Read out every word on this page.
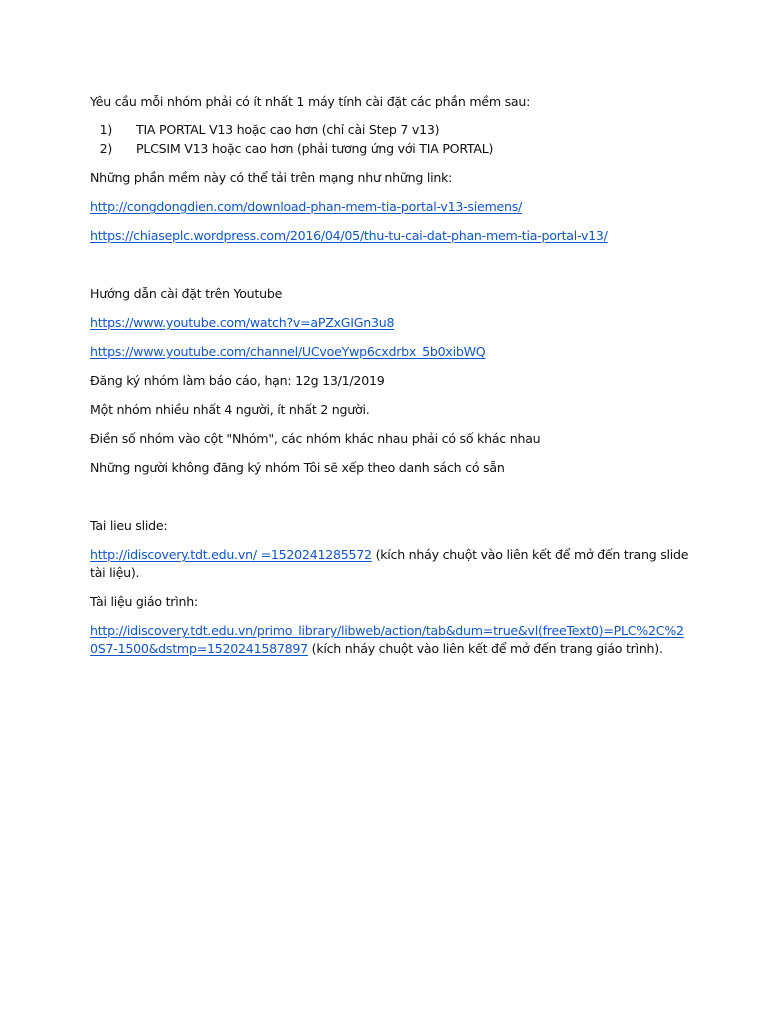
Yêu cầu mỗi nhóm phải có ít nhất 1 máy tính cài đặt các phần mềm sau:

1) TIA PORTAL V13 hoặc cao hơn (chỉ cài Step 7 v13)
2) PLCSIM V13 hoặc cao hơn (phải tương ứng với TIA PORTAL)

Những phần mềm này có thể tải trên mạng như những link:

http://congdongdien.com/download-phan-mem-tia-portal-v13-siemens/

https://chiaseplc.wordpress.com/2016/04/05/thu-tu-cai-dat-phan-mem-tia-portal-v13/

Hướng dẫn cài đặt trên Youtube

https://www.youtube.com/watch?v=aPZxGIGn3u8

https://www.youtube.com/channel/UCvoeYwp6cxdrbx_5b0xibWQ

Đăng ký nhóm làm báo cáo, hạn: 12g 13/1/2019

Một nhóm nhiều nhất 4 người, ít nhất 2 người.

Điền số nhóm vào cột "Nhóm", các nhóm khác nhau phải có số khác nhau

Những người không đăng ký nhóm Tôi sẽ xếp theo danh sách có sẵn

Tai lieu slide:

http://idiscovery.tdt.edu.vn/ =1520241285572 (kích nháy chuột vào liên kết để mở đến trang slide tài liệu).

Tài liệu giáo trình:

http://idiscovery.tdt.edu.vn/primo_library/libweb/action/tab&dum=true&vl(freeText0)=PLC%2C%20S7-1500&dstmp=1520241587897 (kích nháy chuột vào liên kết để mở đến trang giáo trình).
